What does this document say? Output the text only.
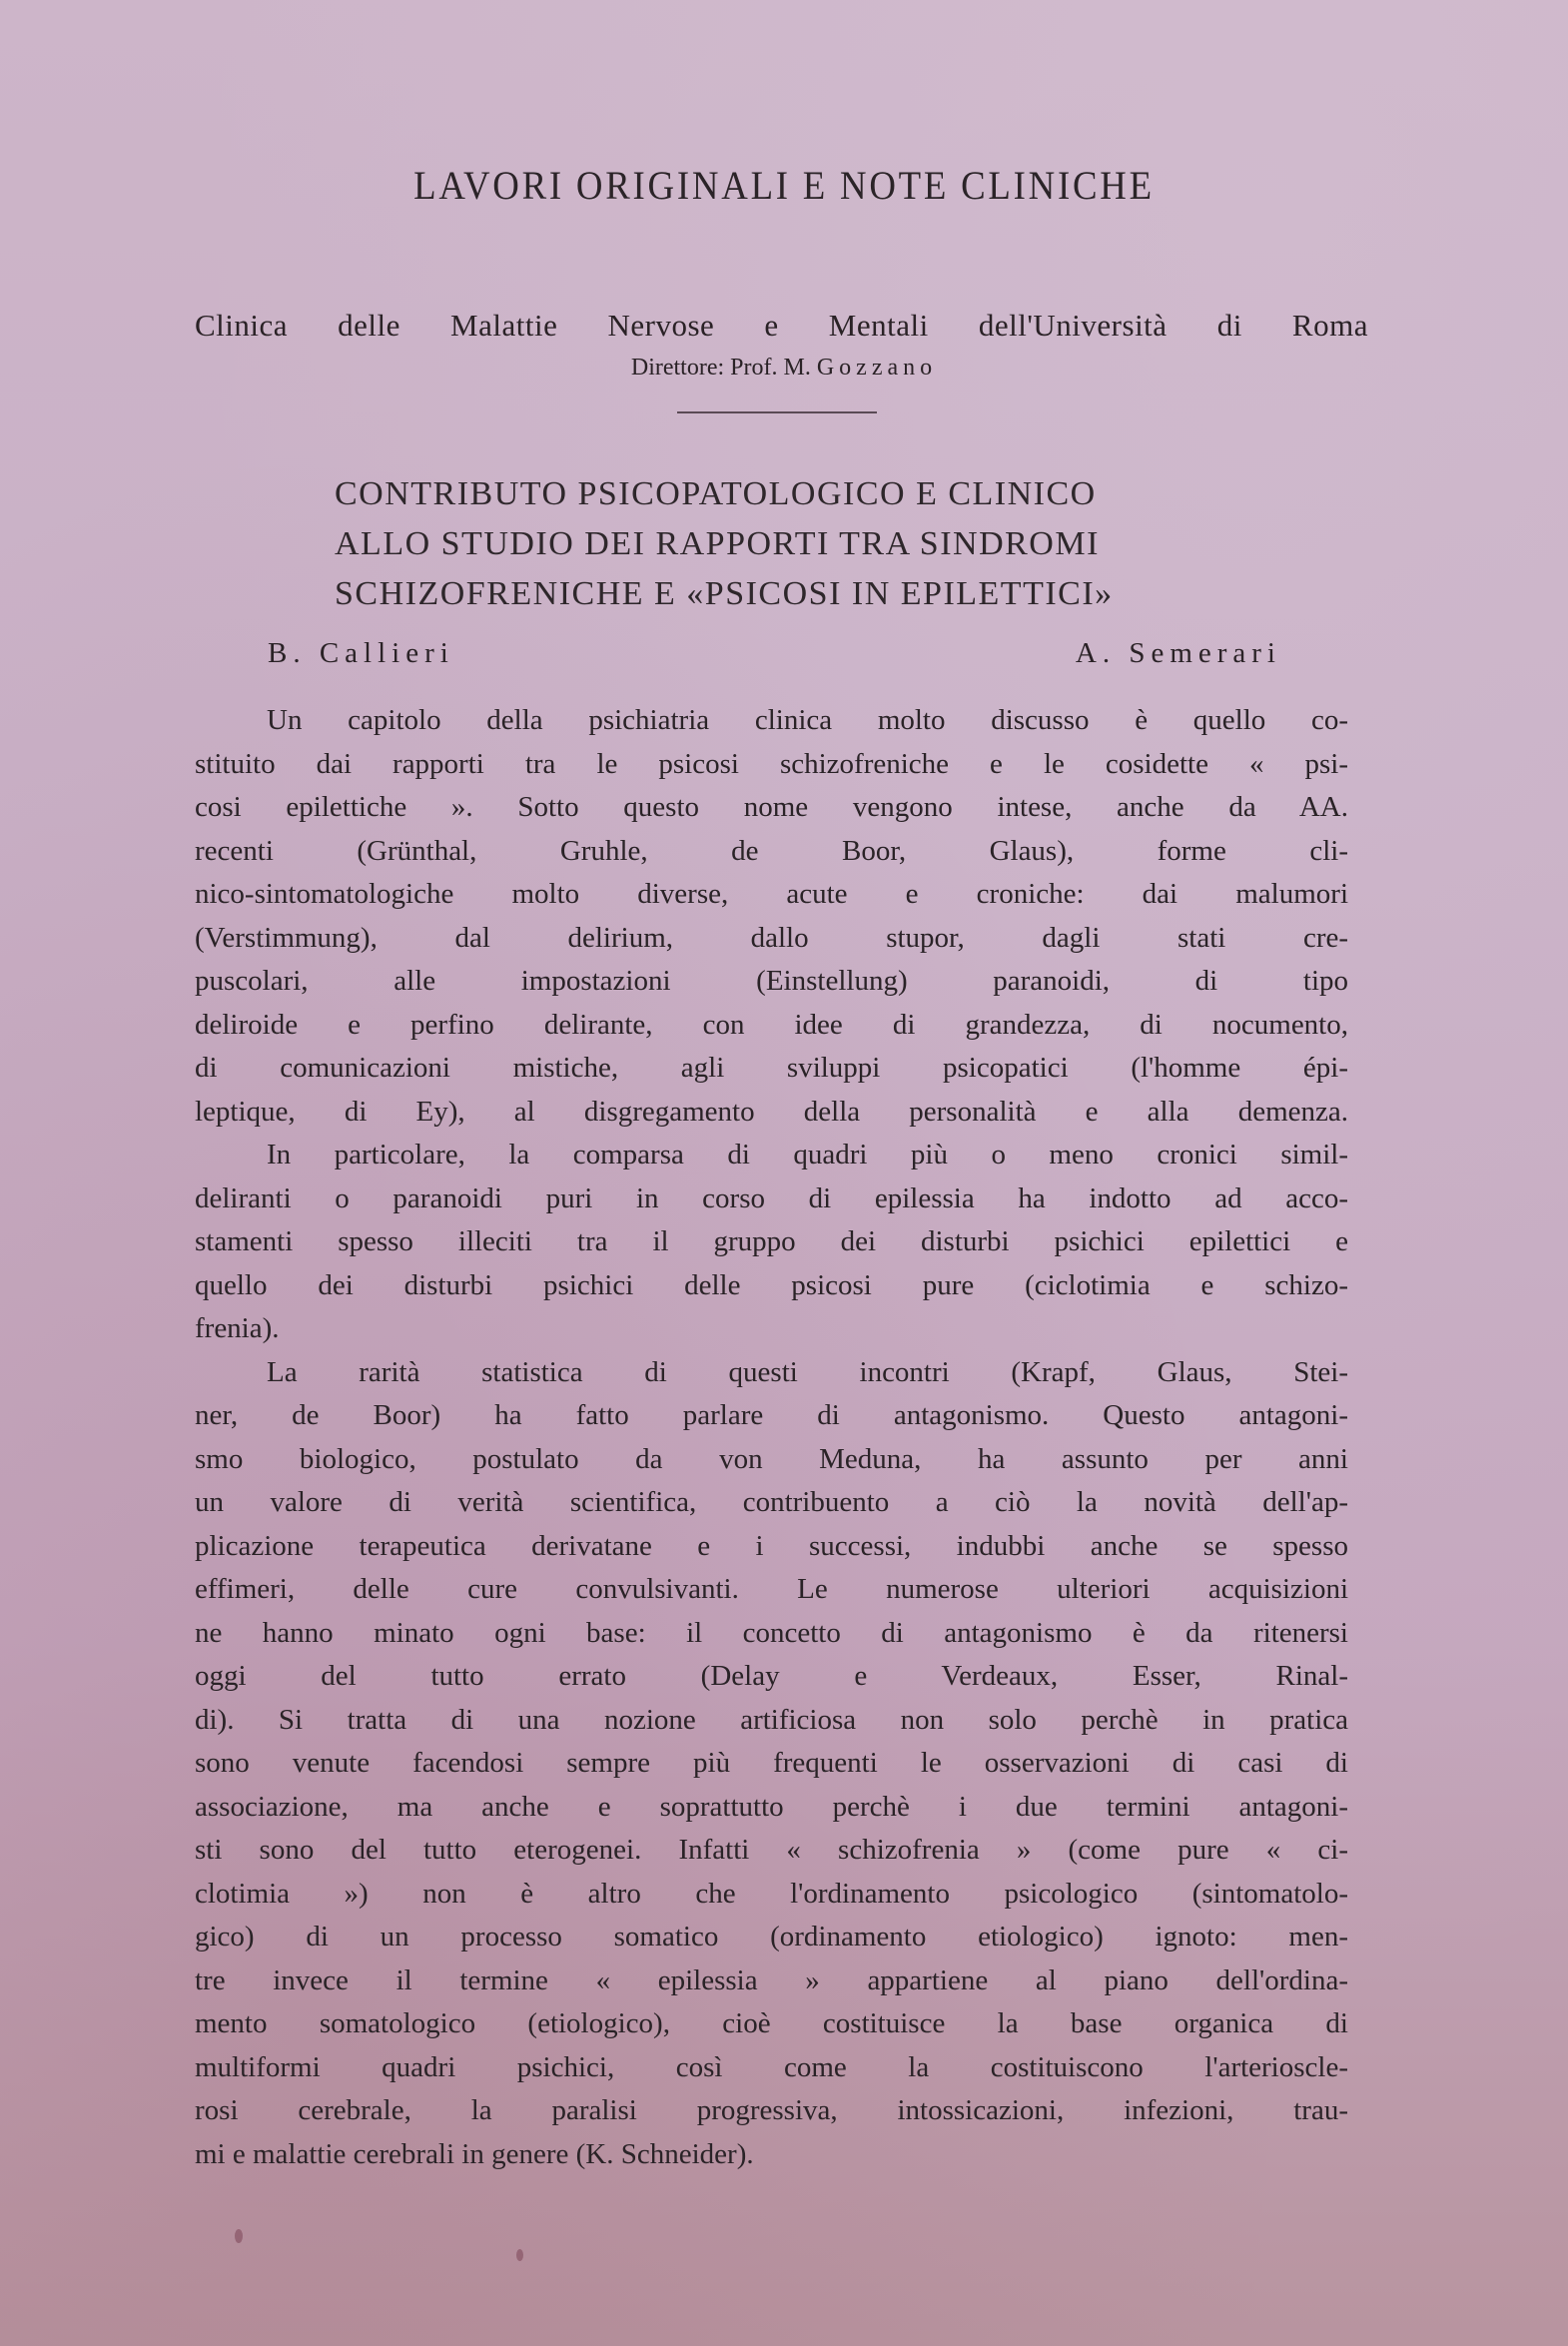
LAVORI ORIGINALI E NOTE CLINICHE
Clinica delle Malattie Nervose e Mentali dell'Università di Roma
Direttore: Prof. M. Gozzano
CONTRIBUTO PSICOPATOLOGICO E CLINICO
ALLO STUDIO DEI RAPPORTI TRA SINDROMI
SCHIZOFRENICHE E «PSICOSI IN EPILETTICI»
B. Callieri	A. Semerari
Un capitolo della psichiatria clinica molto discusso è quello co-
stituito dai rapporti tra le psicosi schizofreniche e le cosidette « psi-
cosi epilettiche ». Sotto questo nome vengono intese, anche da AA.
recenti (Grünthal, Gruhle, de Boor, Glaus), forme cli-
nico-sintomatologiche molto diverse, acute e croniche: dai malumori
(Verstimmung), dal delirium, dallo stupor, dagli stati cre-
puscolari, alle impostazioni (Einstellung) paranoidi, di tipo
deliroide e perfino delirante, con idee di grandezza, di nocumento,
di comunicazioni mistiche, agli sviluppi psicopatici (l'homme épi-
leptique, di Ey), al disgregamento della personalità e alla demenza.
In particolare, la comparsa di quadri più o meno cronici simil-
deliranti o paranoidi puri in corso di epilessia ha indotto ad acco-
stamenti spesso illeciti tra il gruppo dei disturbi psichici epilettici e
quello dei disturbi psichici delle psicosi pure (ciclotimia e schizo-
frenia).
La rarità statistica di questi incontri (Krapf, Glaus, Stei-
ner, de Boor) ha fatto parlare di antagonismo. Questo antagoni-
smo biologico, postulato da von Meduna, ha assunto per anni
un valore di verità scientifica, contribuento a ciò la novità dell'ap-
plicazione terapeutica derivatane e i successi, indubbi anche se spesso
effimeri, delle cure convulsivanti. Le numerose ulteriori acquisizioni
ne hanno minato ogni base: il concetto di antagonismo è da ritenersi
oggi del tutto errato (Delay e Verdeaux, Esser, Rinal-
di). Si tratta di una nozione artificiosa non solo perchè in pratica
sono venute facendosi sempre più frequenti le osservazioni di casi di
associazione, ma anche e soprattutto perchè i due termini antagoni-
sti sono del tutto eterogenei. Infatti « schizofrenia » (come pure « ci-
clotimia ») non è altro che l'ordinamento psicologico (sintomatolo-
gico) di un processo somatico (ordinamento etiologico) ignoto: men-
tre invece il termine « epilessia » appartiene al piano dell'ordina-
mento somatologico (etiologico), cioè costituisce la base organica di
multiformi quadri psichici, così come la costituiscono l'arterioscle-
rosi cerebrale, la paralisi progressiva, intossicazioni, infezioni, trau-
mi e malattie cerebrali in genere (K. Schneider).
